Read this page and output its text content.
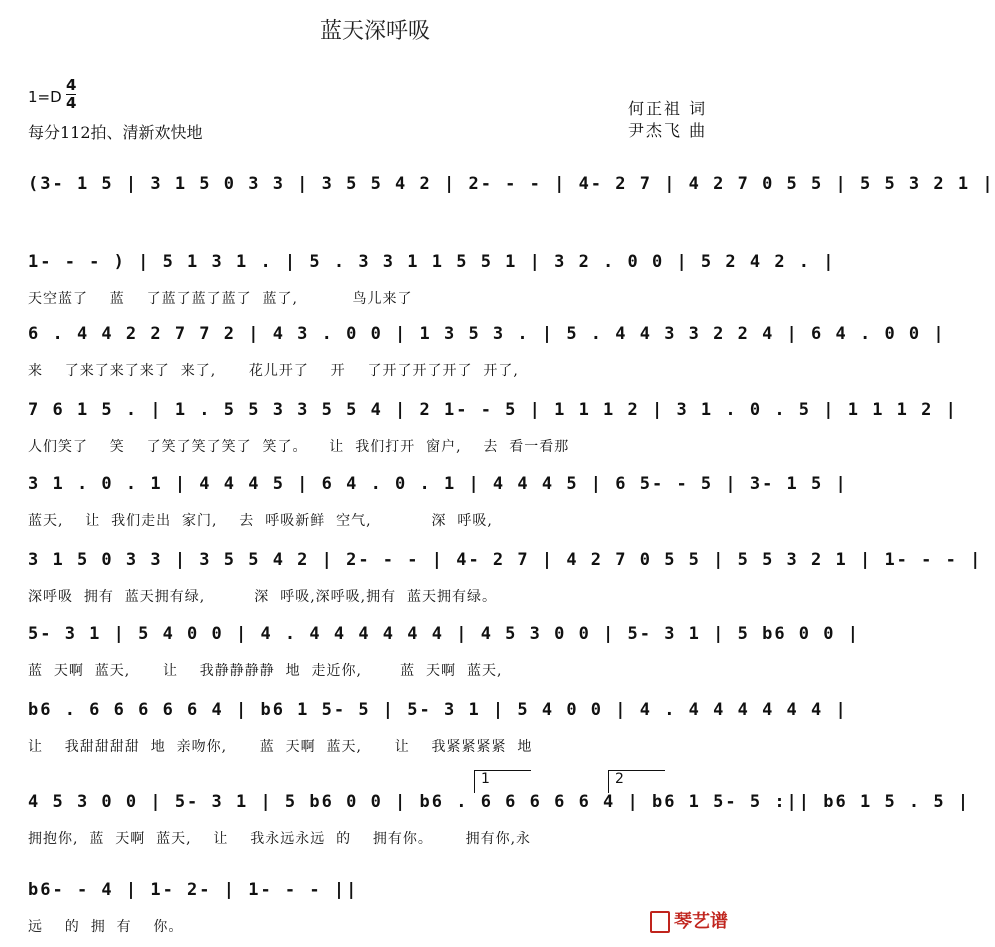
蓝天深呼吸
1=D
4
4
每分112拍、清新欢快地
何正祖 词
尹杰飞 曲
(3- 1 5 | 3 1 5 0 3 3 | 3 5 5 4 2 | 2- - - | 4- 2 7 | 4 2 7 0 5 5 | 5 5 3 2 1 |
1- - - ) | 5 1 3 1 . | 5 . 3 3 1 1 5 5 1 | 3 2 . 0 0 | 5 2 4 2 . |
天空蓝了    蓝    了蓝了蓝了蓝了  蓝了,          鸟儿来了
6 . 4 4 2 2 7 7 2 | 4 3 . 0 0 | 1 3 5 3 . | 5 . 4 4 3 3 2 2 4 | 6 4 . 0 0 |
来    了来了来了来了  来了,      花儿开了    开    了开了开了开了  开了,
7 6 1 5 . | 1 . 5 5 3 3 5 5 4 | 2 1- - 5 | 1 1 1 2 | 3 1 . 0 . 5 | 1 1 1 2 |
人们笑了    笑    了笑了笑了笑了  笑了。    让  我们打开  窗户,    去  看一看那
3 1 . 0 . 1 | 4 4 4 5 | 6 4 . 0 . 1 | 4 4 4 5 | 6 5- - 5 | 3- 1 5 |
蓝天,    让  我们走出  家门,    去  呼吸新鲜  空气,           深  呼吸,
3 1 5 0 3 3 | 3 5 5 4 2 | 2- - - | 4- 2 7 | 4 2 7 0 5 5 | 5 5 3 2 1 | 1- - - |
深呼吸  拥有  蓝天拥有绿,         深  呼吸,深呼吸,拥有  蓝天拥有绿。
5- 3 1 | 5 4 0 0 | 4 . 4 4 4 4 4 4 | 4 5 3 0 0 | 5- 3 1 | 5 b6 0 0 |
蓝  天啊  蓝天,      让    我静静静静  地  走近你,       蓝  天啊  蓝天,
b6 . 6 6 6 6 6 4 | b6 1 5- 5 | 5- 3 1 | 5 4 0 0 | 4 . 4 4 4 4 4 4 |
让    我甜甜甜甜  地  亲吻你,      蓝  天啊  蓝天,      让    我紧紧紧紧  地
1	2
4 5 3 0 0 | 5- 3 1 | 5 b6 0 0 | b6 . 6 6 6 6 6 4 | b6 1 5- 5 :|| b6 1 5 . 5 |
拥抱你,  蓝  天啊  蓝天,    让    我永远永远  的    拥有你。      拥有你,永
b6- - 4 | 1- 2- | 1- - - ||
远    的  拥  有    你。	琴艺谱
